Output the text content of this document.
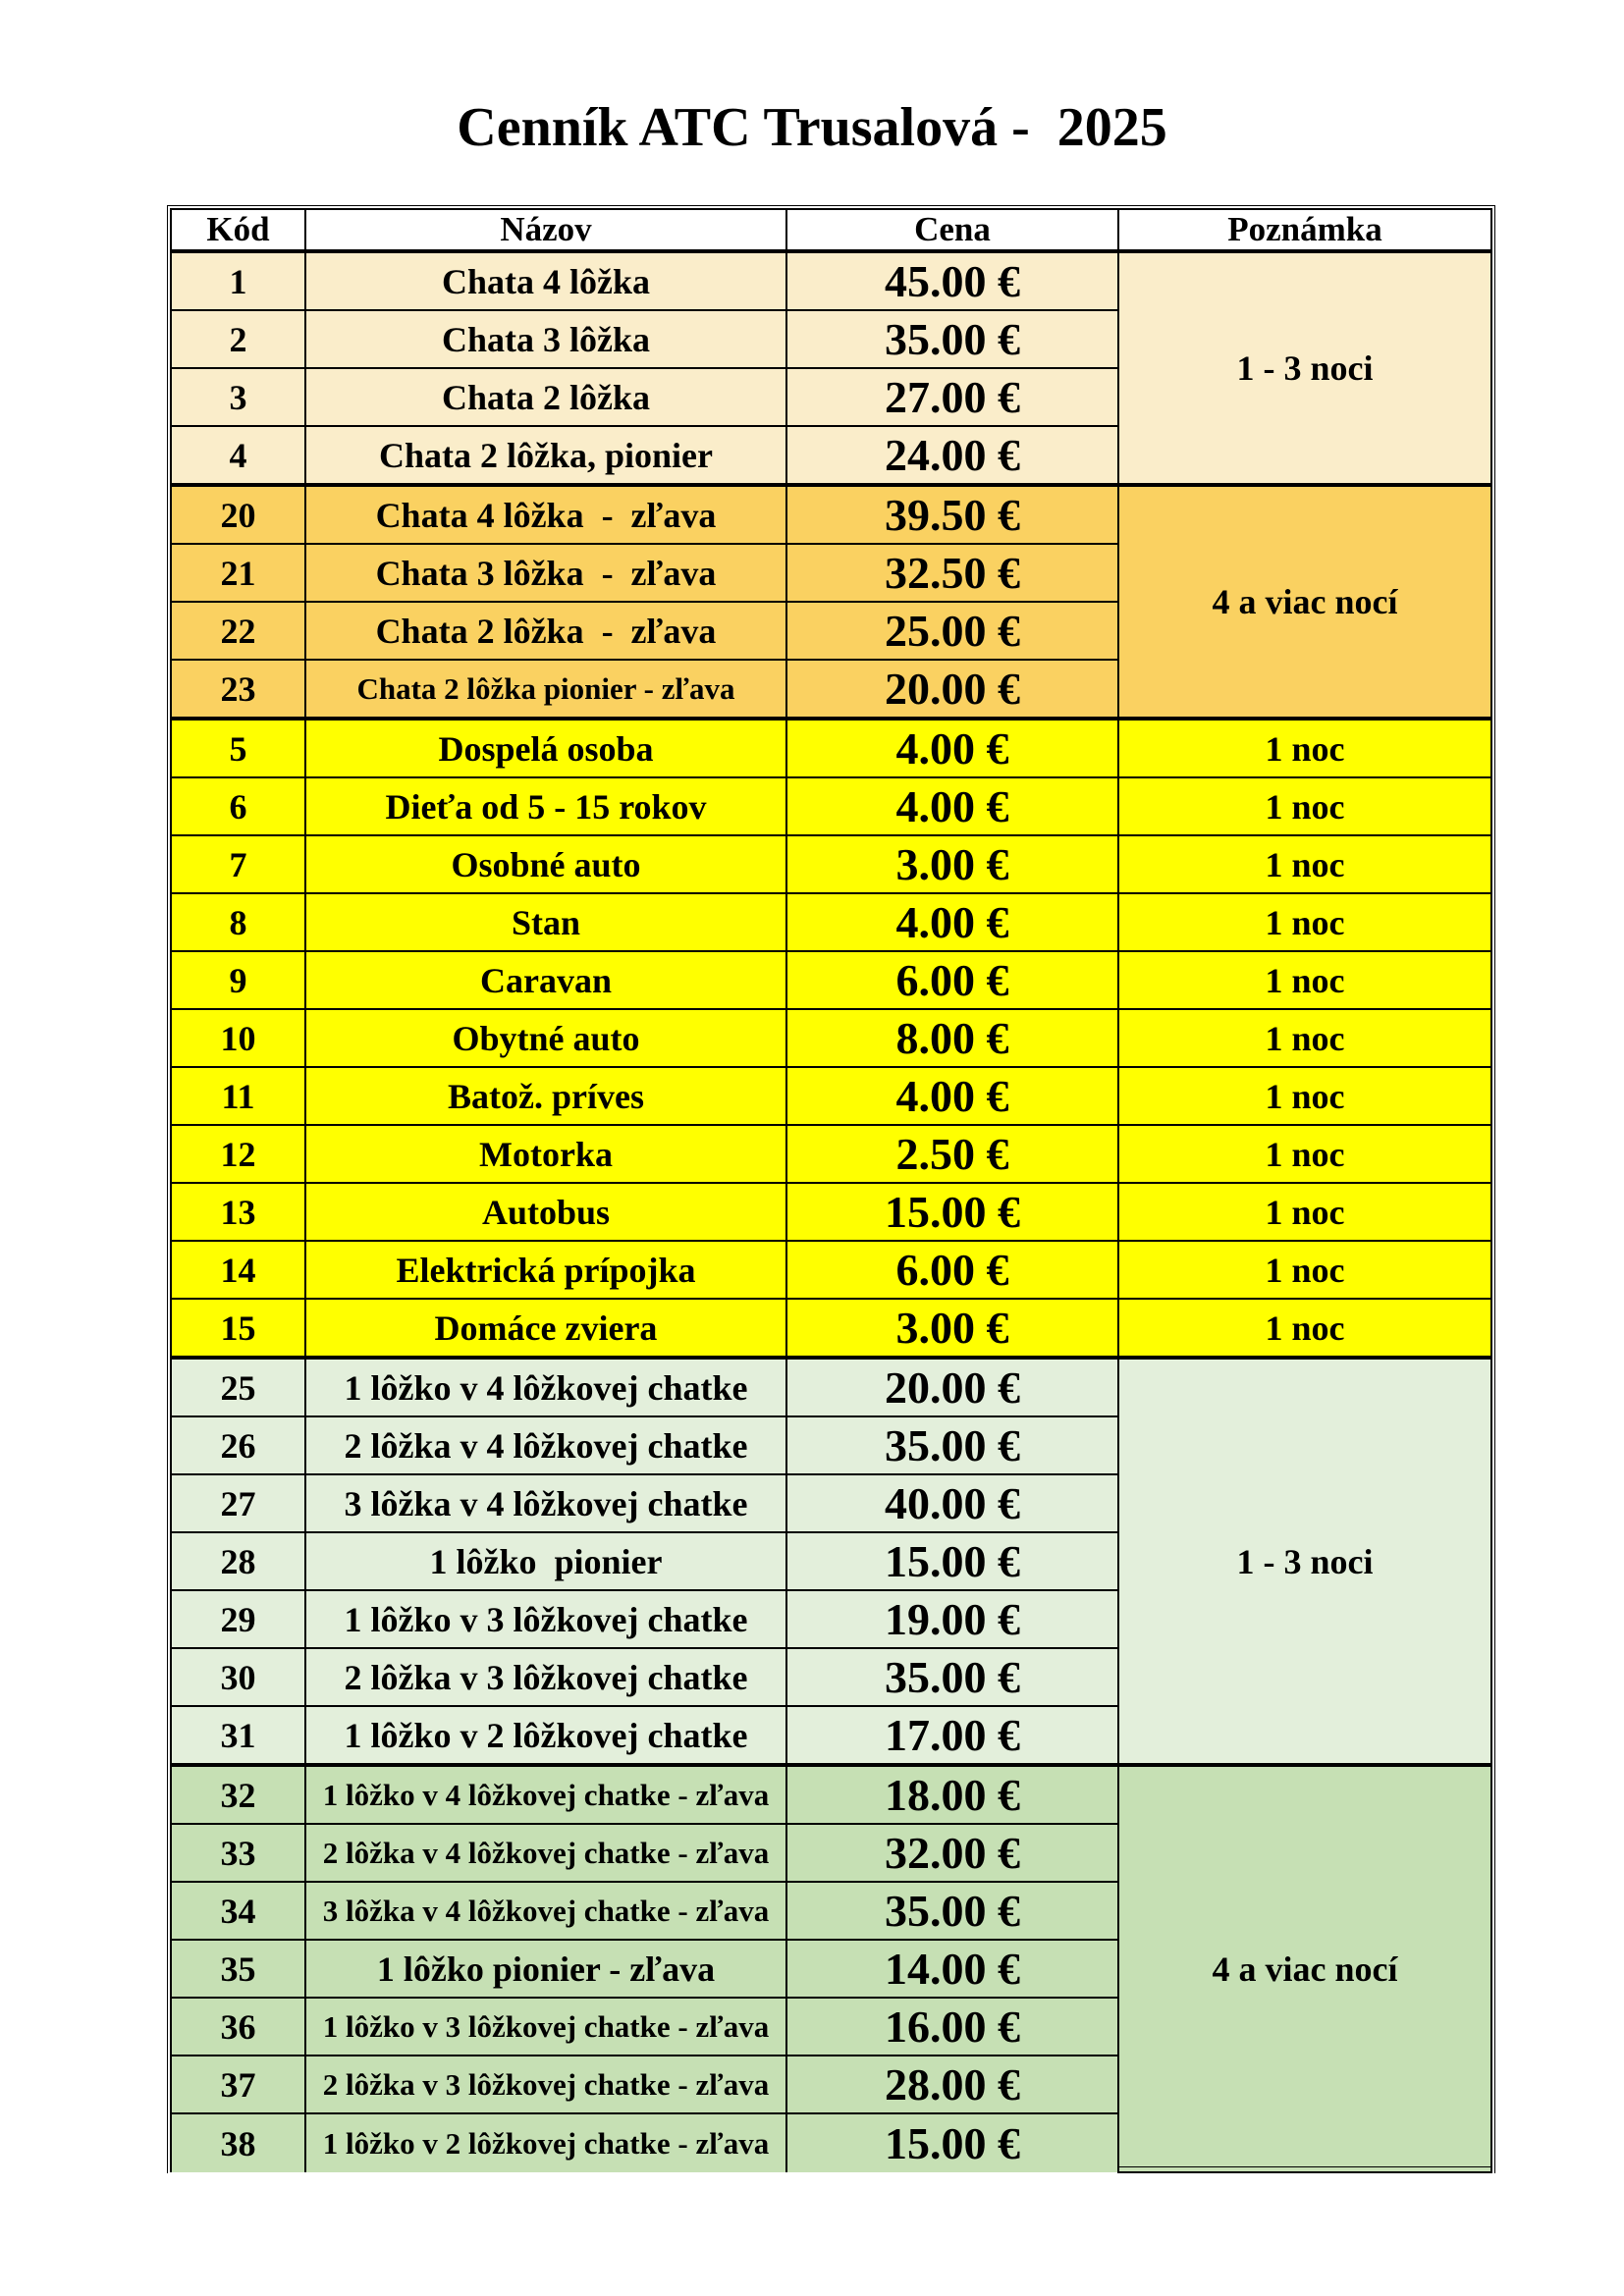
Cenník ATC Trusalová -  2025
Kód	Názov	Cena	Poznámka
1	Chata 4 lôžka	45.00 €	1 - 3 noci
2	Chata 3 lôžka	35.00 €	
3	Chata 2 lôžka	27.00 €	
4	Chata 2 lôžka, pionier	24.00 €	
20	Chata 4 lôžka  -  zľava	39.50 €	4 a viac nocí
21	Chata 3 lôžka  -  zľava	32.50 €	
22	Chata 2 lôžka  -  zľava	25.00 €	
23	Chata 2 lôžka pionier - zľava	20.00 €	
5	Dospelá osoba	4.00 €	1 noc
6	Dieťa od 5 - 15 rokov	4.00 €	1 noc
7	Osobné auto	3.00 €	1 noc
8	Stan	4.00 €	1 noc
9	Caravan	6.00 €	1 noc
10	Obytné auto	8.00 €	1 noc
11	Batož. príves	4.00 €	1 noc
12	Motorka	2.50 €	1 noc
13	Autobus	15.00 €	1 noc
14	Elektrická prípojka	6.00 €	1 noc
15	Domáce zviera	3.00 €	1 noc
25	1 lôžko v 4 lôžkovej chatke	20.00 €	1 - 3 noci
26	2 lôžka v 4 lôžkovej chatke	35.00 €	
27	3 lôžka v 4 lôžkovej chatke	40.00 €	
28	1 lôžko  pionier	15.00 €	
29	1 lôžko v 3 lôžkovej chatke	19.00 €	
30	2 lôžka v 3 lôžkovej chatke	35.00 €	
31	1 lôžko v 2 lôžkovej chatke	17.00 €	
32	1 lôžko v 4 lôžkovej chatke - zľava	18.00 €	4 a viac nocí
33	2 lôžka v 4 lôžkovej chatke - zľava	32.00 €	
34	3 lôžka v 4 lôžkovej chatke - zľava	35.00 €	
35	1 lôžko pionier - zľava	14.00 €	
36	1 lôžko v 3 lôžkovej chatke - zľava	16.00 €	
37	2 lôžka v 3 lôžkovej chatke - zľava	28.00 €	
38	1 lôžko v 2 lôžkovej chatke - zľava	15.00 €	
